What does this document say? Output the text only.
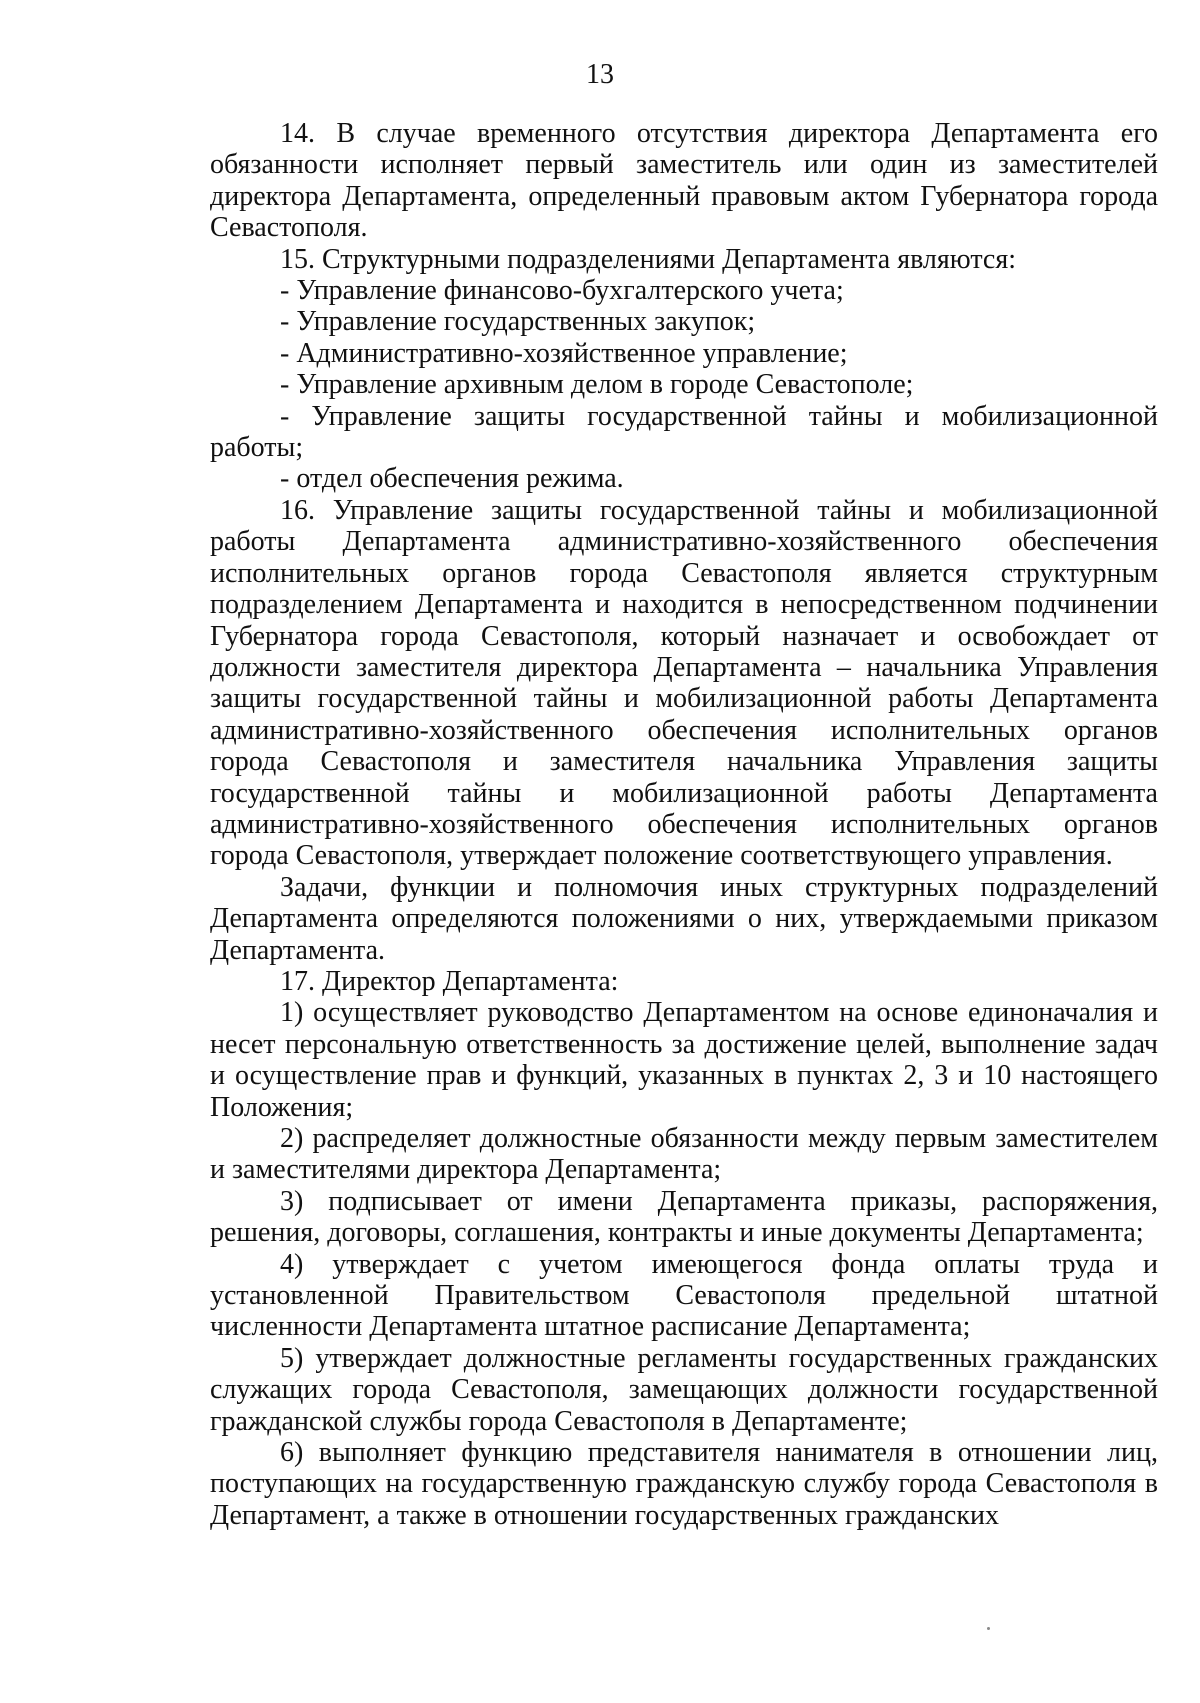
13

14. В случае временного отсутствия директора Департамента его обязанности исполняет первый заместитель или один из заместителей директора Департамента, определенный правовым актом Губернатора города Севастополя.

15. Структурными подразделениями Департамента являются:

- Управление финансово-бухгалтерского учета;

- Управление государственных закупок;

- Административно-хозяйственное управление;

- Управление архивным делом в городе Севастополе;

- Управление защиты государственной тайны и мобилизационной работы;

- отдел обеспечения режима.

16. Управление защиты государственной тайны и мобилизационной работы Департамента административно-хозяйственного обеспечения исполнительных органов города Севастополя является структурным подразделением Департамента и находится в непосредственном подчинении Губернатора города Севастополя, который назначает и освобождает от должности заместителя директора Департамента – начальника Управления защиты государственной тайны и мобилизационной работы Департамента административно-хозяйственного обеспечения исполнительных органов города Севастополя и заместителя начальника Управления защиты государственной тайны и мобилизационной работы Департамента административно-хозяйственного обеспечения исполнительных органов города Севастополя, утверждает положение соответствующего управления.

Задачи, функции и полномочия иных структурных подразделений Департамента определяются положениями о них, утверждаемыми приказом Департамента.

17. Директор Департамента:

1) осуществляет руководство Департаментом на основе единоначалия и несет персональную ответственность за достижение целей, выполнение задач и осуществление прав и функций, указанных в пунктах 2, 3 и 10 настоящего Положения;

2) распределяет должностные обязанности между первым заместителем и заместителями директора Департамента;

3) подписывает от имени Департамента приказы, распоряжения, решения, договоры, соглашения, контракты и иные документы Департамента;

4) утверждает с учетом имеющегося фонда оплаты труда и установленной Правительством Севастополя предельной штатной численности Департамента штатное расписание Департамента;

5) утверждает должностные регламенты государственных гражданских служащих города Севастополя, замещающих должности государственной гражданской службы города Севастополя в Департаменте;

6) выполняет функцию представителя нанимателя в отношении лиц, поступающих на государственную гражданскую службу города Севастополя в Департамент, а также в отношении государственных гражданских
